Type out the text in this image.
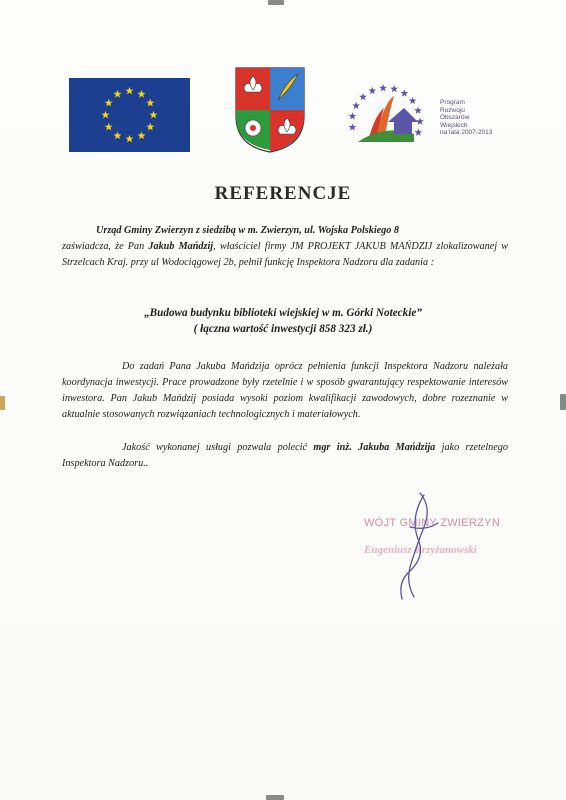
Program
Rozwoju
Obszarów
Wiejskich
na lata 2007-2013
REFERENCJE
Urząd Gminy Zwierzyn z siedzibą w m. Zwierzyn, ul. Wojska Polskiego 8
zaświadcza, że Pan Jakub Mańdzij, właściciel firmy JM PROJEKT JAKUB MAŃDZIJ zlokalizowanej w Strzelcach Kraj. przy ul Wodociągowej 2b, pełnił funkcję Inspektora Nadzoru dla zadania :
„Budowa budynku biblioteki wiejskiej w m. Górki Noteckie”
( łączna wartość inwestycji 858 323 zł.)
Do zadań Pana Jakuba Mańdzija oprócz pełnienia funkcji Inspektora Nadzoru należała koordynacja inwestycji. Prace prowadzone były rzetelnie i w sposób gwarantujący respektowanie interesów inwestora. Pan Jakub Mańdzij posiada wysoki poziom kwalifikacji zawodowych, dobre rozeznanie w aktualnie stosowanych rozwiązaniach technologicznych i materiałowych.
Jakość wykonanej usługi pozwala polecić mgr inż. Jakuba Mańdzija jako rzetelnego Inspektora Nadzoru..
WÓJT GMINY ZWIERZYN
Eugeniusz Krzyżanowski
